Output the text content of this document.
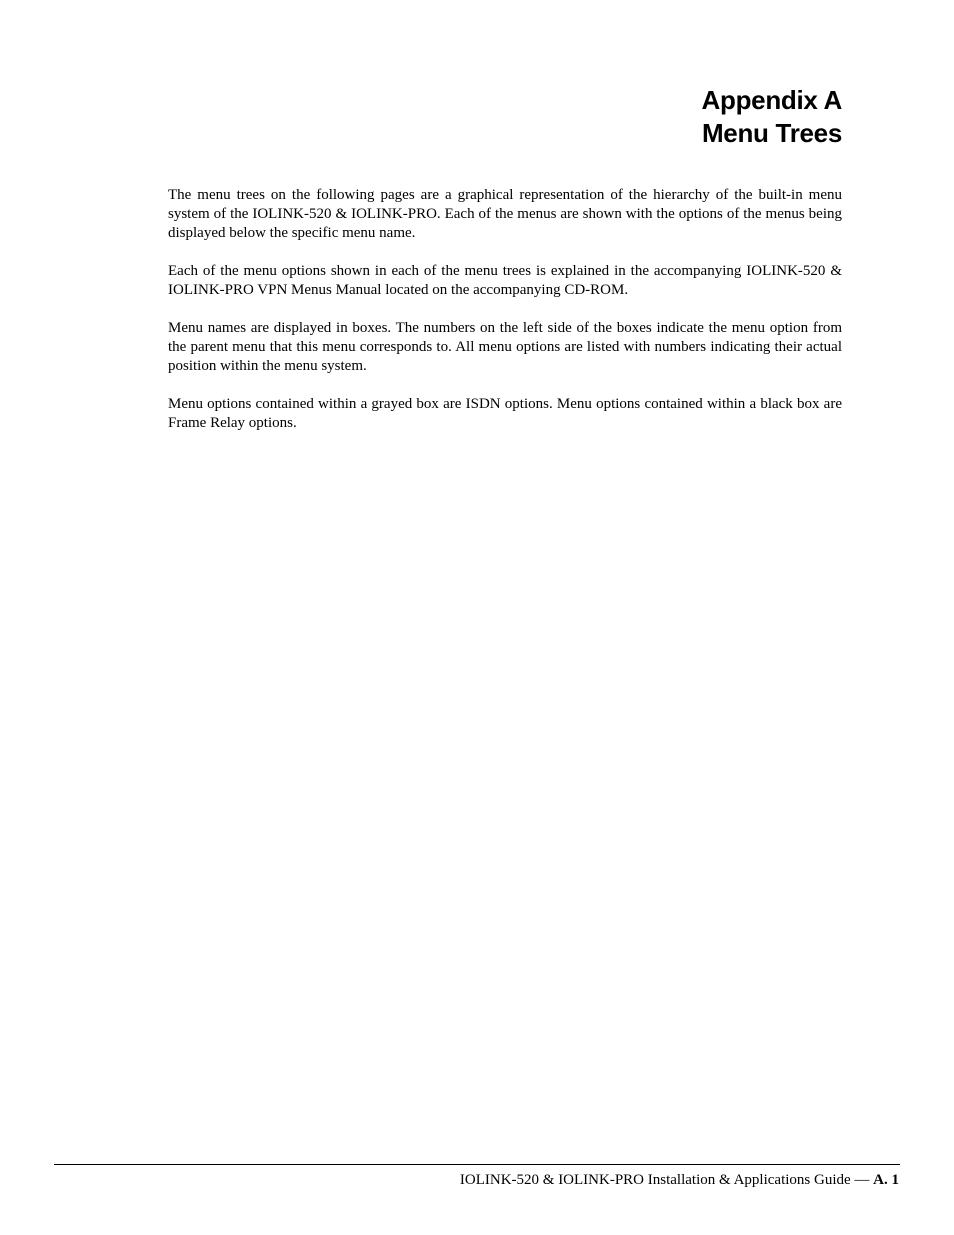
Appendix A
Menu Trees

The menu trees on the following pages are a graphical representation of the hierarchy of the built-in menu system of the IOLINK-520 & IOLINK-PRO. Each of the menus are shown with the options of the menus being displayed below the specific menu name.

Each of the menu options shown in each of the menu trees is explained in the accompanying IOLINK-520 & IOLINK-PRO VPN Menus Manual located on the accompanying CD-ROM.

Menu names are displayed in boxes. The numbers on the left side of the boxes indicate the menu option from the parent menu that this menu corresponds to. All menu options are listed with numbers indicating their actual position within the menu system.

Menu options contained within a grayed box are ISDN options. Menu options contained within a black box are Frame Relay options.

IOLINK-520 & IOLINK-PRO Installation & Applications Guide — A. 1
